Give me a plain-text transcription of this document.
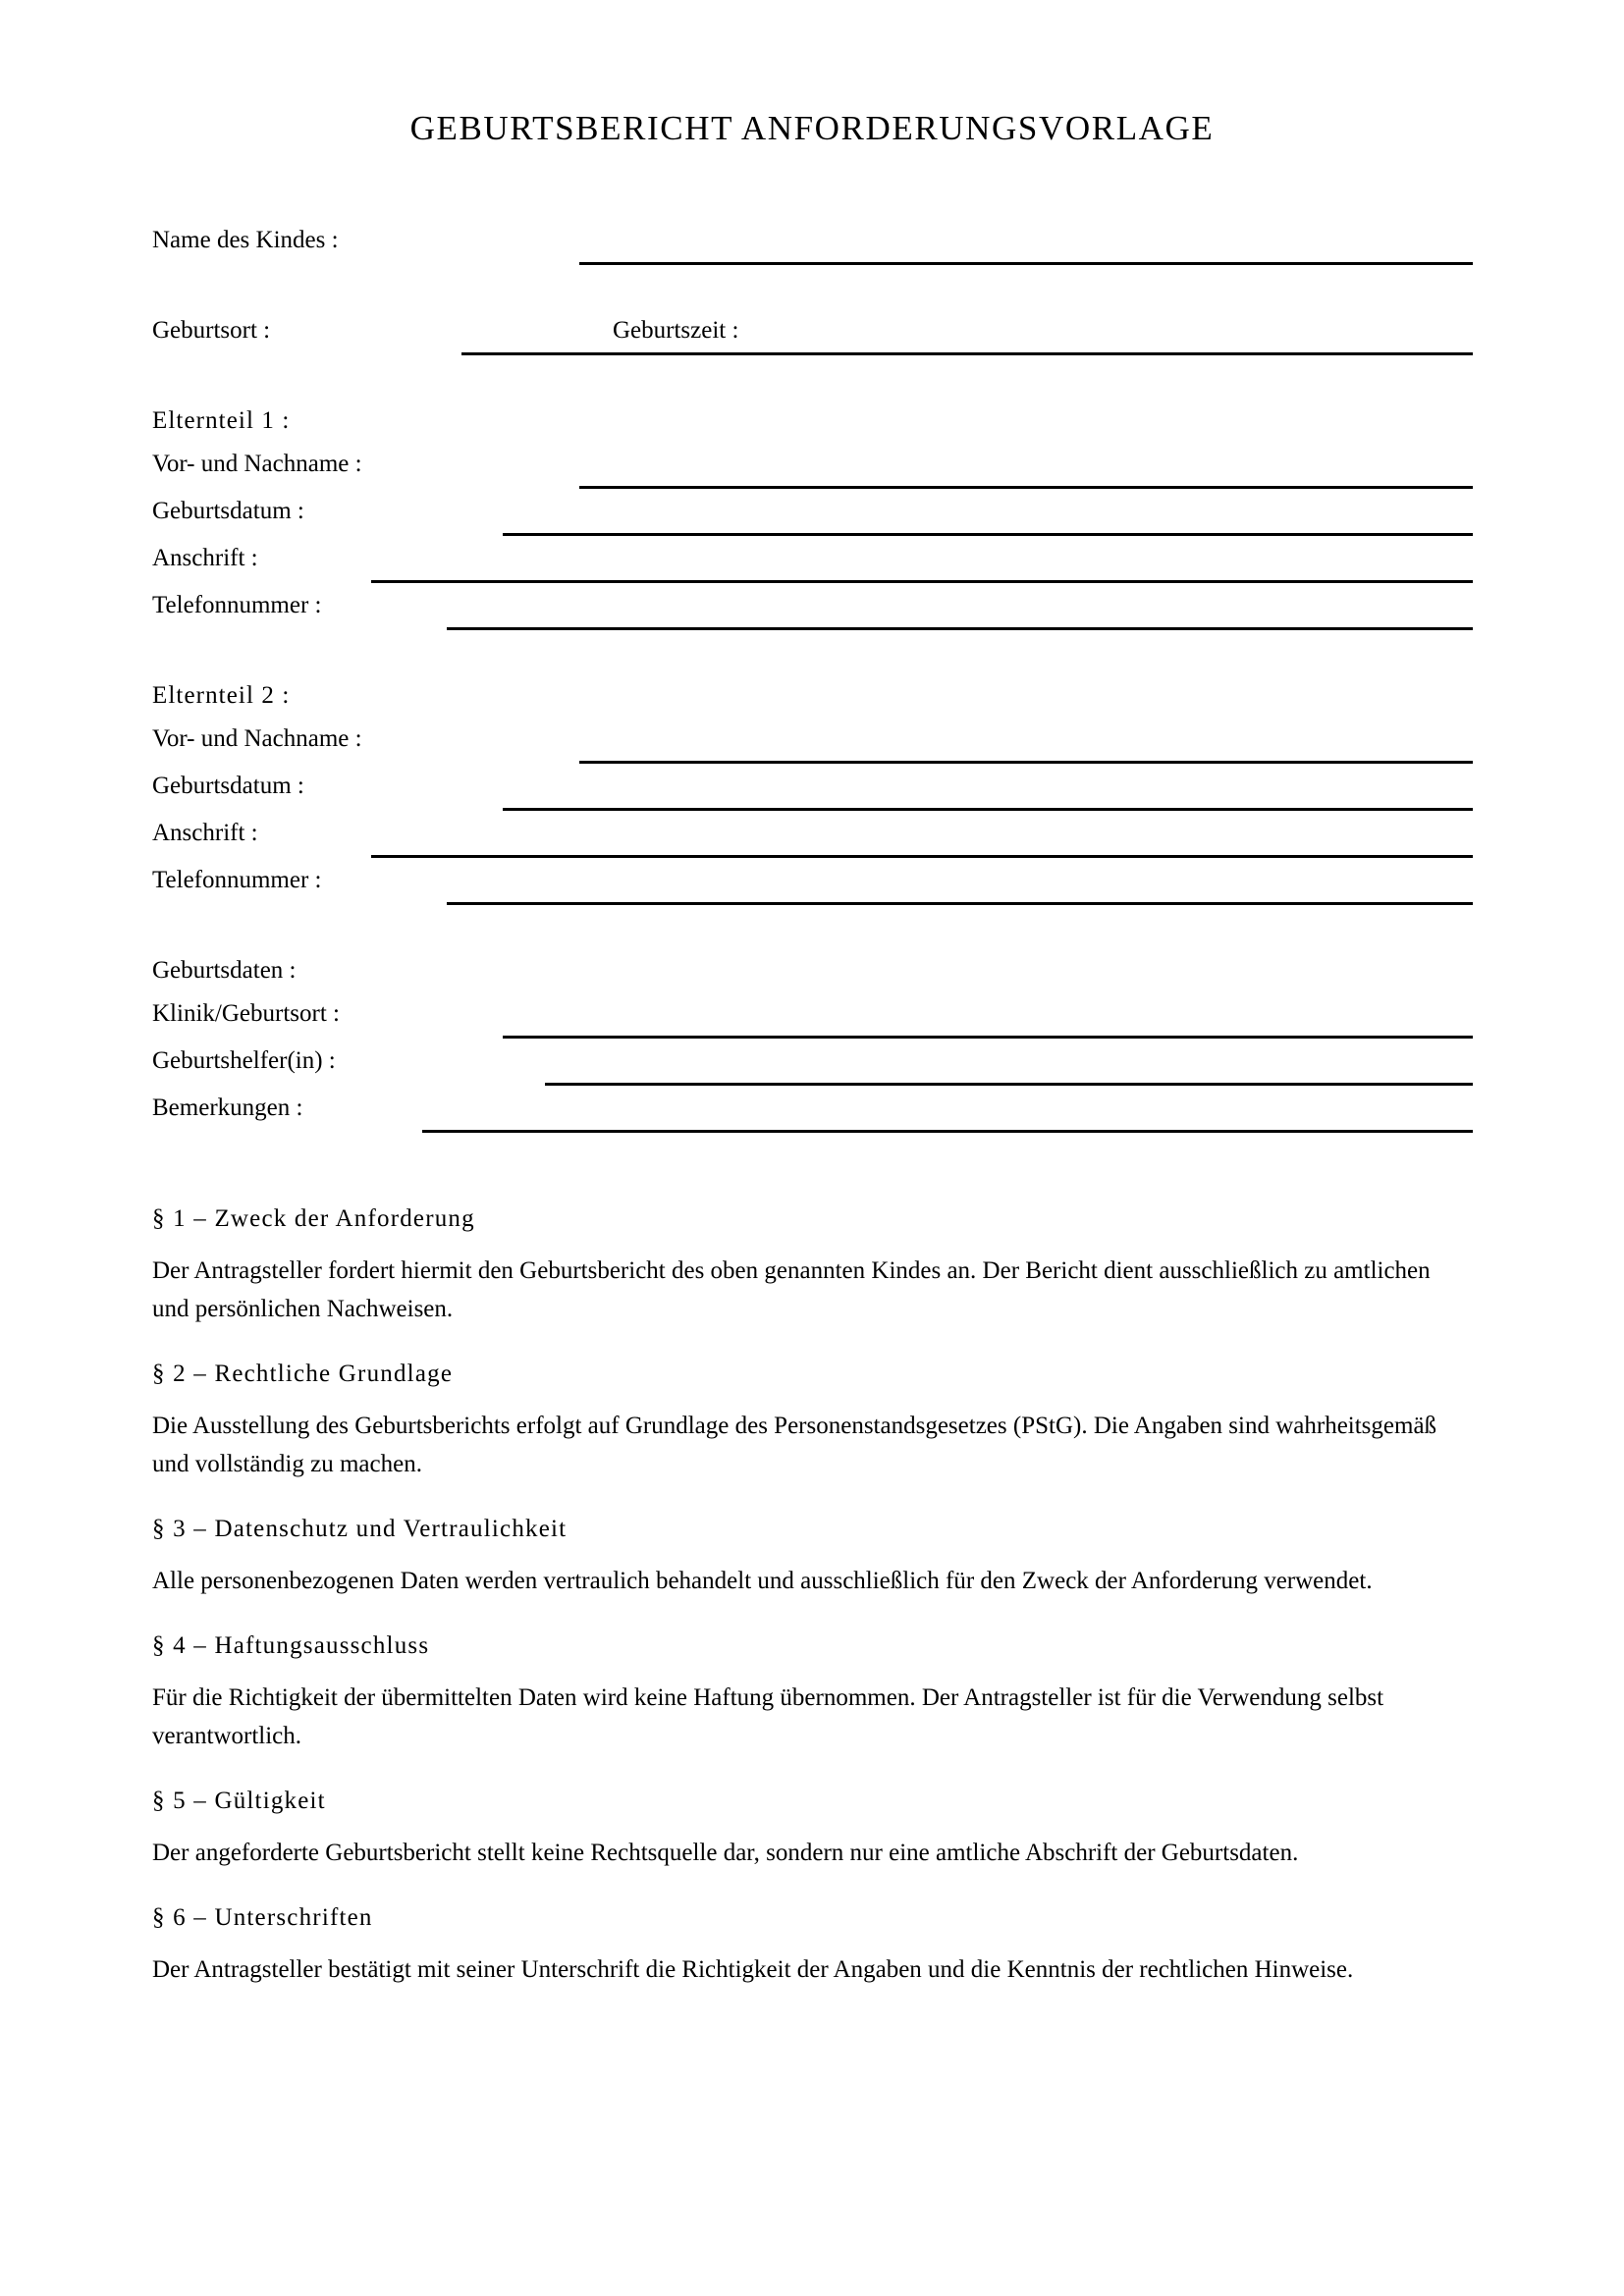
GEBURTSBERICHT ANFORDERUNGSVORLAGE
Name des Kindes :
Geburtsort :	Geburtszeit :
Elternteil 1 :
Vor- und Nachname :
Geburtsdatum :
Anschrift :
Telefonnummer :
Elternteil 2 :
Vor- und Nachname :
Geburtsdatum :
Anschrift :
Telefonnummer :
Geburtsdaten :
Klinik/Geburtsort :
Geburtshelfer(in) :
Bemerkungen :
§ 1 – Zweck der Anforderung

Der Antragsteller fordert hiermit den Geburtsbericht des oben genannten Kindes an. Der Bericht dient ausschließlich zu amtlichen und persönlichen Nachweisen.

§ 2 – Rechtliche Grundlage

Die Ausstellung des Geburtsberichts erfolgt auf Grundlage des Personenstandsgesetzes (PStG). Die Angaben sind wahrheitsgemäß und vollständig zu machen.

§ 3 – Datenschutz und Vertraulichkeit

Alle personenbezogenen Daten werden vertraulich behandelt und ausschließlich für den Zweck der Anforderung verwendet.

§ 4 – Haftungsausschluss

Für die Richtigkeit der übermittelten Daten wird keine Haftung übernommen. Der Antragsteller ist für die Verwendung selbst verantwortlich.

§ 5 – Gültigkeit

Der angeforderte Geburtsbericht stellt keine Rechtsquelle dar, sondern nur eine amtliche Abschrift der Geburtsdaten.

§ 6 – Unterschriften

Der Antragsteller bestätigt mit seiner Unterschrift die Richtigkeit der Angaben und die Kenntnis der rechtlichen Hinweise.
